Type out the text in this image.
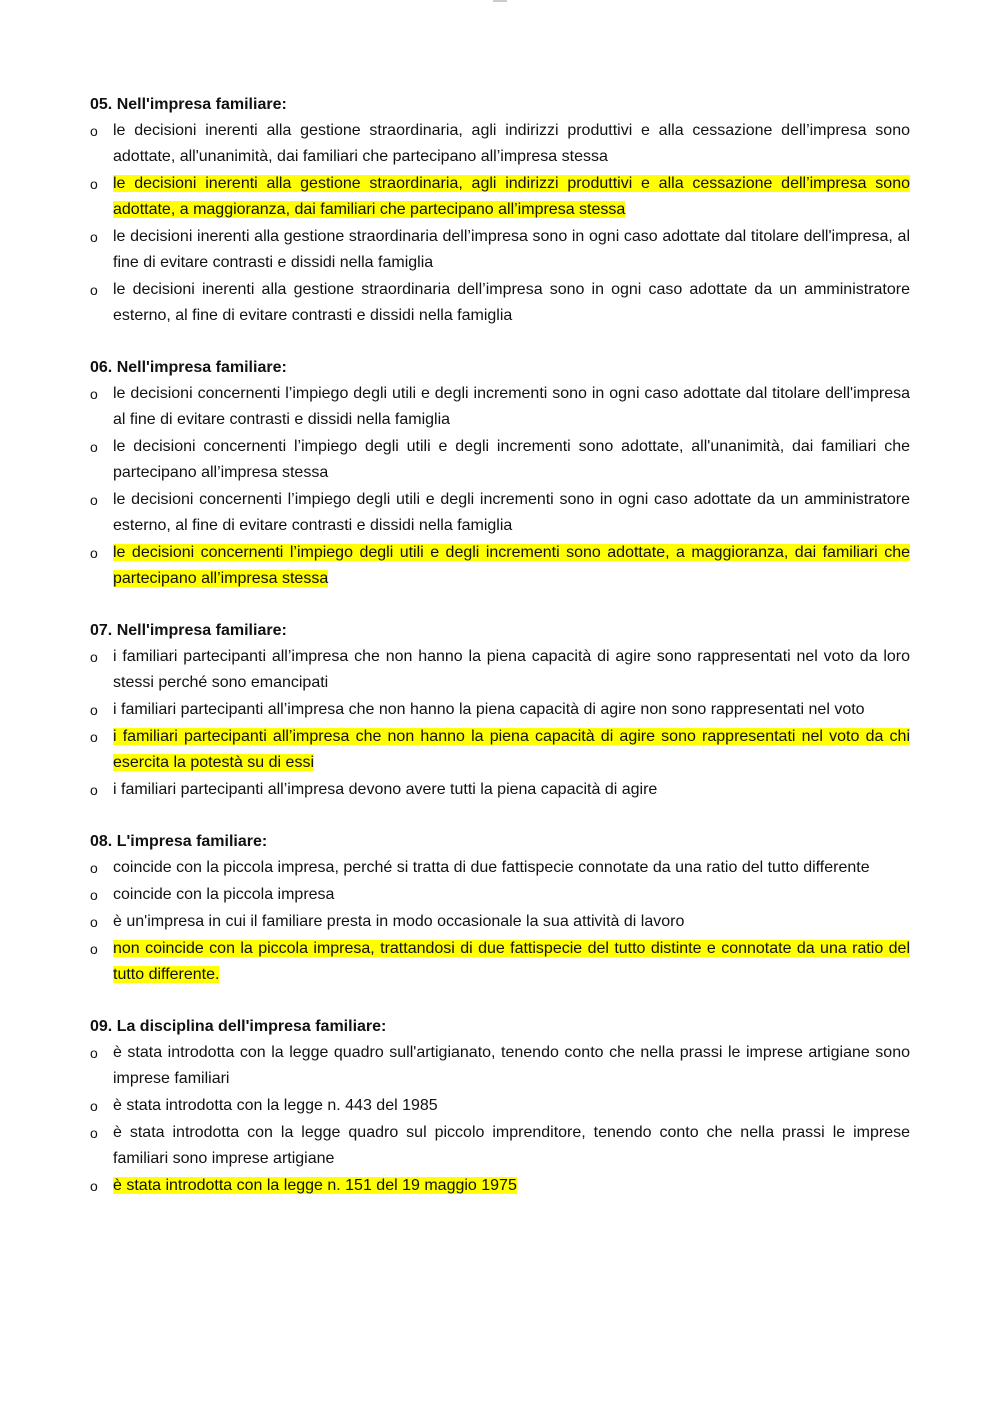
05. Nell'impresa familiare:

o le decisioni inerenti alla gestione straordinaria, agli indirizzi produttivi e alla cessazione dell’impresa sono adottate, all'unanimità, dai familiari che partecipano all’impresa stessa
o le decisioni inerenti alla gestione straordinaria, agli indirizzi produttivi e alla cessazione dell’impresa sono adottate, a maggioranza, dai familiari che partecipano all’impresa stessa
o le decisioni inerenti alla gestione straordinaria dell’impresa sono in ogni caso adottate dal titolare dell'impresa, al fine di evitare contrasti e dissidi nella famiglia
o le decisioni inerenti alla gestione straordinaria dell’impresa sono in ogni caso adottate da un amministratore esterno, al fine di evitare contrasti e dissidi nella famiglia

06. Nell'impresa familiare:

o le decisioni concernenti l’impiego degli utili e degli incrementi sono in ogni caso adottate dal titolare dell'impresa al fine di evitare contrasti e dissidi nella famiglia
o le decisioni concernenti l’impiego degli utili e degli incrementi sono adottate, all'unanimità, dai familiari che partecipano all’impresa stessa
o le decisioni concernenti l’impiego degli utili e degli incrementi sono in ogni caso adottate da un amministratore esterno, al fine di evitare contrasti e dissidi nella famiglia
o le decisioni concernenti l’impiego degli utili e degli incrementi sono adottate, a maggioranza, dai familiari che partecipano all’impresa stessa

07. Nell'impresa familiare:

o i familiari partecipanti all’impresa che non hanno la piena capacità di agire sono rappresentati nel voto da loro stessi perché sono emancipati
o i familiari partecipanti all’impresa che non hanno la piena capacità di agire non sono rappresentati nel voto
o i familiari partecipanti all’impresa che non hanno la piena capacità di agire sono rappresentati nel voto da chi esercita la potestà su di essi
o i familiari partecipanti all’impresa devono avere tutti la piena capacità di agire

08. L'impresa familiare:

o coincide con la piccola impresa, perché si tratta di due fattispecie connotate da una ratio del tutto differente
o coincide con la piccola impresa
o è un'impresa in cui il familiare presta in modo occasionale la sua attività di lavoro
o non coincide con la piccola impresa, trattandosi di due fattispecie del tutto distinte e connotate da una ratio del tutto differente.

09. La disciplina dell'impresa familiare:

o è stata introdotta con la legge quadro sull'artigianato, tenendo conto che nella prassi le imprese artigiane sono imprese familiari
o è stata introdotta con la legge n. 443 del 1985
o è stata introdotta con la legge quadro sul piccolo imprenditore, tenendo conto che nella prassi le imprese familiari sono imprese artigiane
o è stata introdotta con la legge n. 151 del 19 maggio 1975
